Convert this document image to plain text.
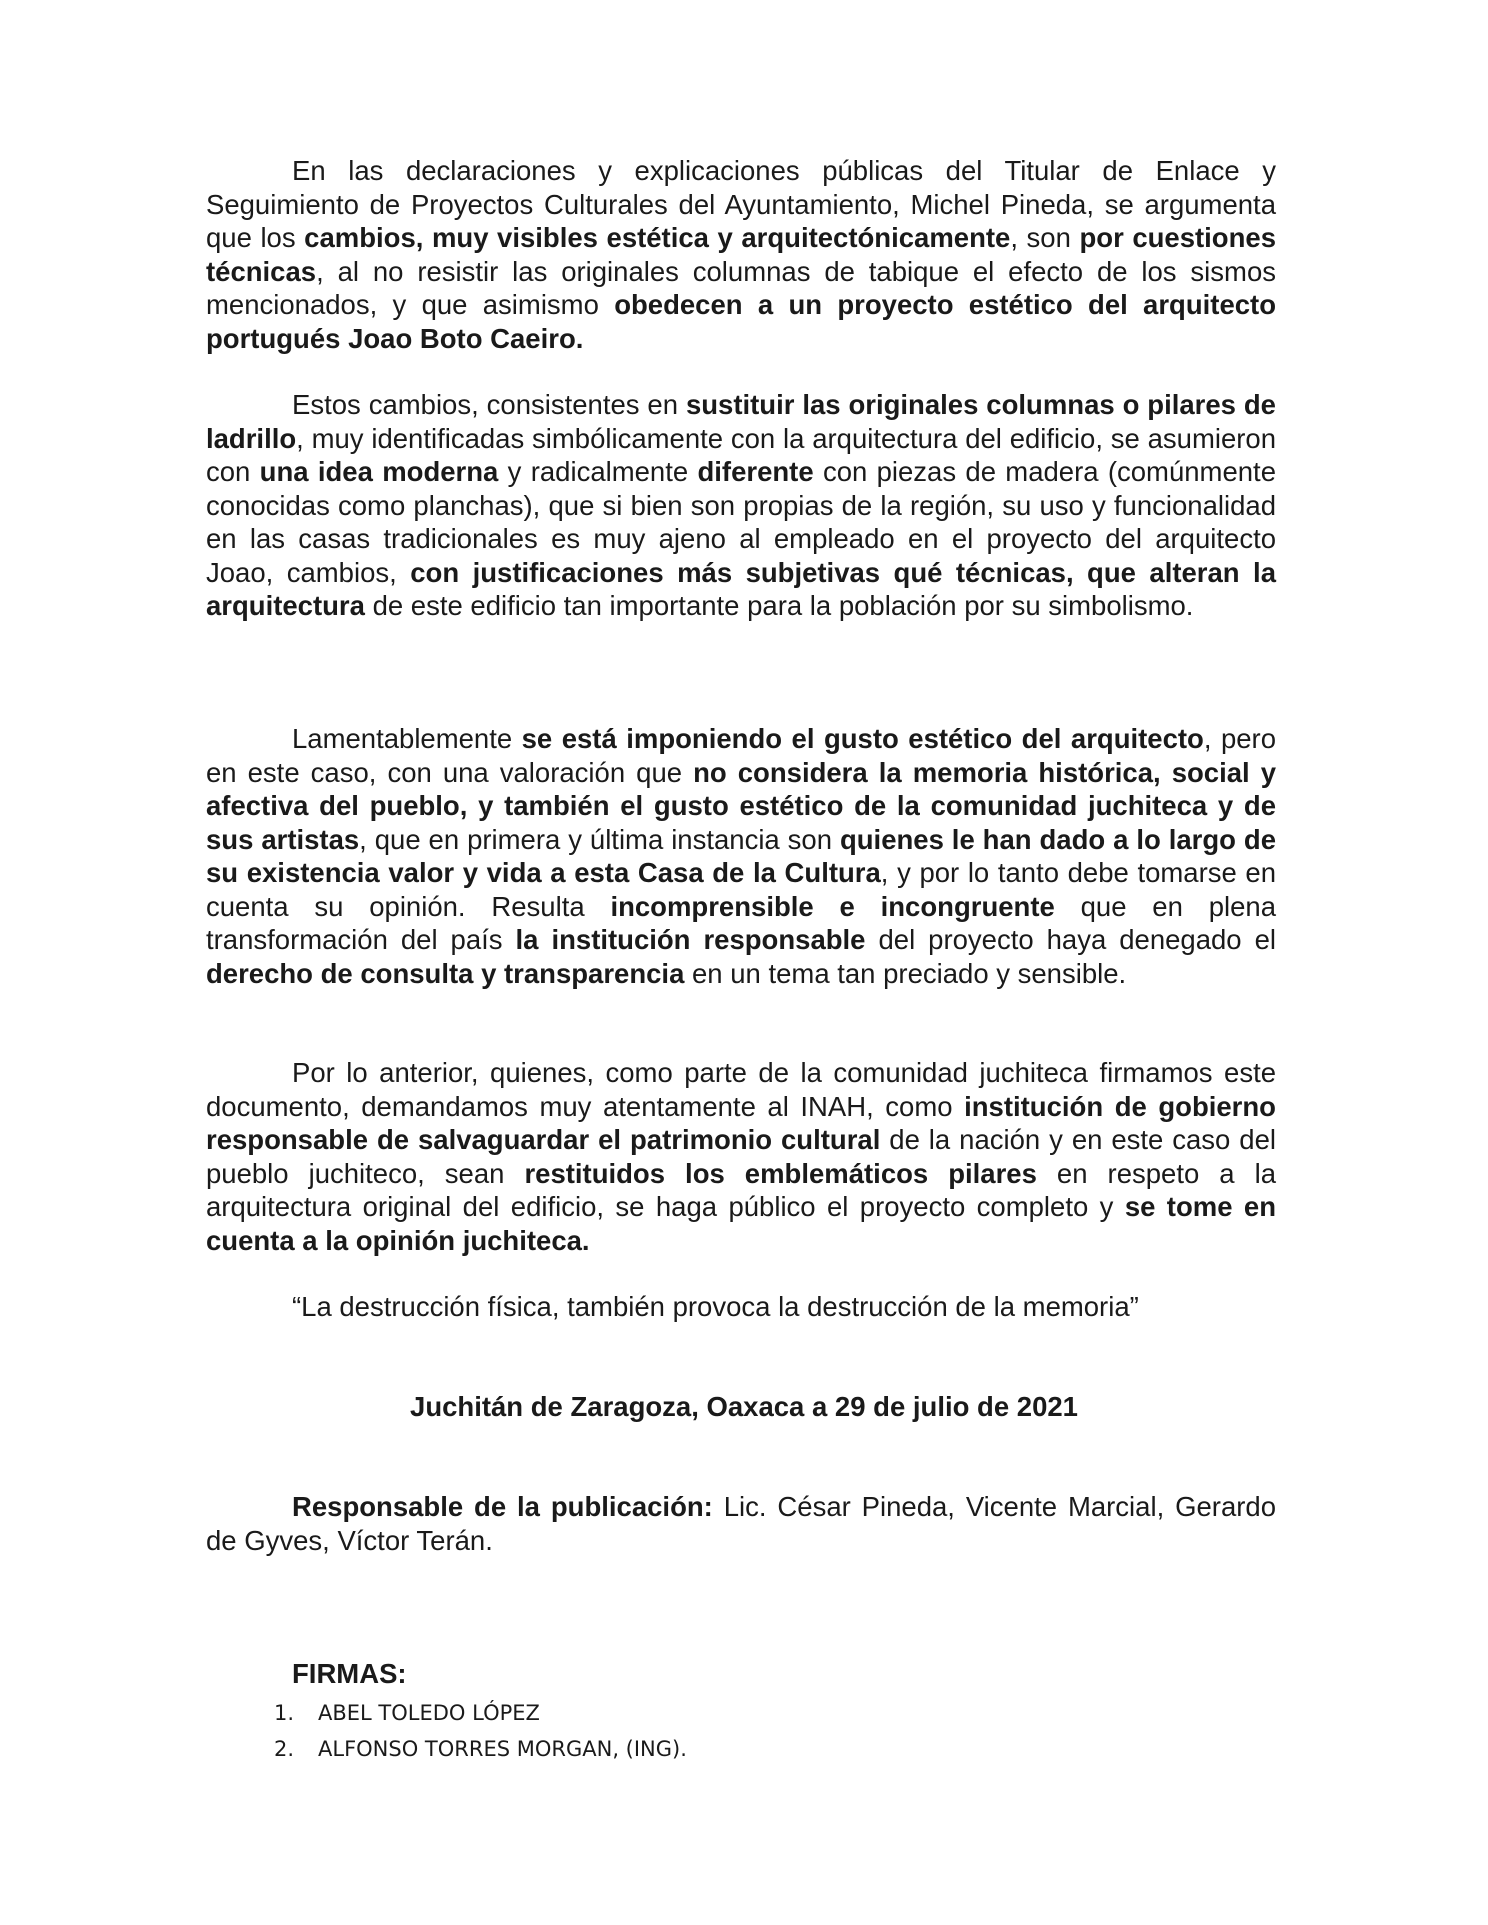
En las declaraciones y explicaciones públicas del Titular de Enlace y Seguimiento de Proyectos Culturales del Ayuntamiento, Michel Pineda, se argumenta que los cambios, muy visibles estética y arquitectónicamente, son por cuestiones técnicas, al no resistir las originales columnas de tabique el efecto de los sismos mencionados, y que asimismo obedecen a un proyecto estético del arquitecto portugués Joao Boto Caeiro.

Estos cambios, consistentes en sustituir las originales columnas o pilares de ladrillo, muy identificadas simbólicamente con la arquitectura del edificio, se asumieron con una idea moderna y radicalmente diferente con piezas de madera (comúnmente conocidas como planchas), que si bien son propias de la región, su uso y funcionalidad en las casas tradicionales es muy ajeno al empleado en el proyecto del arquitecto Joao, cambios, con justificaciones más subjetivas qué técnicas, que alteran la arquitectura de este edificio tan importante para la población por su simbolismo.

Lamentablemente se está imponiendo el gusto estético del arquitecto, pero en este caso, con una valoración que no considera la memoria histórica, social y afectiva del pueblo, y también el gusto estético de la comunidad juchiteca y de sus artistas, que en primera y última instancia son quienes le han dado a lo largo de su existencia valor y vida a esta Casa de la Cultura, y por lo tanto debe tomarse en cuenta su opinión. Resulta incomprensible e incongruente que en plena transformación del país la institución responsable del proyecto haya denegado el derecho de consulta y transparencia en un tema tan preciado y sensible.

Por lo anterior, quienes, como parte de la comunidad juchiteca firmamos este documento, demandamos muy atentamente al INAH, como institución de gobierno responsable de salvaguardar el patrimonio cultural de la nación y en este caso del pueblo juchiteco, sean restituidos los emblemáticos pilares en respeto a la arquitectura original del edificio, se haga público el proyecto completo y se tome en cuenta a la opinión juchiteca.

“La destrucción física, también provoca la destrucción de la memoria”

Juchitán de Zaragoza, Oaxaca a 29 de julio de 2021

Responsable de la publicación: Lic. César Pineda, Vicente Marcial, Gerardo de Gyves, Víctor Terán.

FIRMAS:

1.	ABEL TOLEDO LÓPEZ
2.	ALFONSO TORRES MORGAN, (ING).
